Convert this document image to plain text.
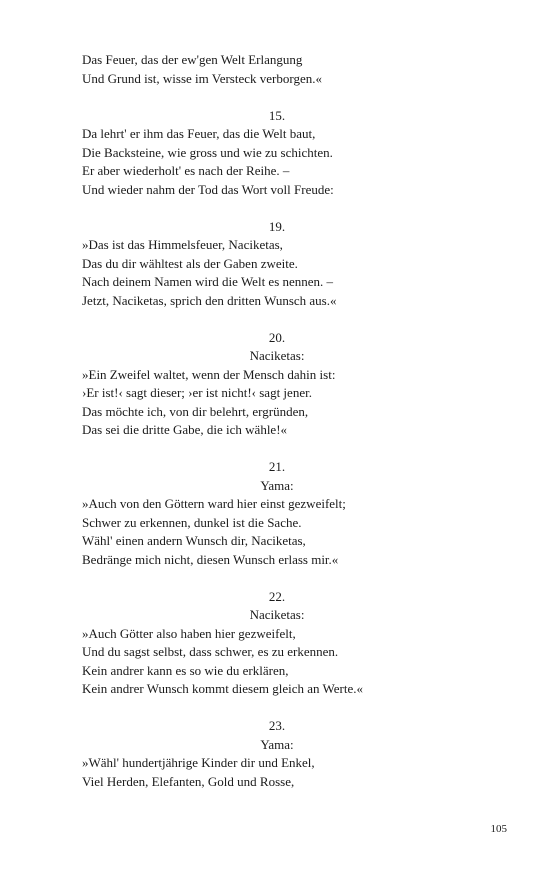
Das Feuer, das der ew'gen Welt Erlangung
Und Grund ist, wisse im Versteck verborgen.«
15.
Da lehrt' er ihm das Feuer, das die Welt baut,
Die Backsteine, wie gross und wie zu schichten.
Er aber wiederholt' es nach der Reihe. –
Und wieder nahm der Tod das Wort voll Freude:
19.
»Das ist das Himmelsfeuer, Naciketas,
Das du dir wähltest als der Gaben zweite.
Nach deinem Namen wird die Welt es nennen. –
Jetzt, Naciketas, sprich den dritten Wunsch aus.«
20.
Naciketas:
»Ein Zweifel waltet, wenn der Mensch dahin ist:
›Er ist!‹ sagt dieser; ›er ist nicht!‹ sagt jener.
Das möchte ich, von dir belehrt, ergründen,
Das sei die dritte Gabe, die ich wähle!«
21.
Yama:
»Auch von den Göttern ward hier einst gezweifelt;
Schwer zu erkennen, dunkel ist die Sache.
Wähl' einen andern Wunsch dir, Naciketas,
Bedränge mich nicht, diesen Wunsch erlass mir.«
22.
Naciketas:
»Auch Götter also haben hier gezweifelt,
Und du sagst selbst, dass schwer, es zu erkennen.
Kein andrer kann es so wie du erklären,
Kein andrer Wunsch kommt diesem gleich an Werte.«
23.
Yama:
»Wähl' hundertjährige Kinder dir und Enkel,
Viel Herden, Elefanten, Gold und Rosse,
105
